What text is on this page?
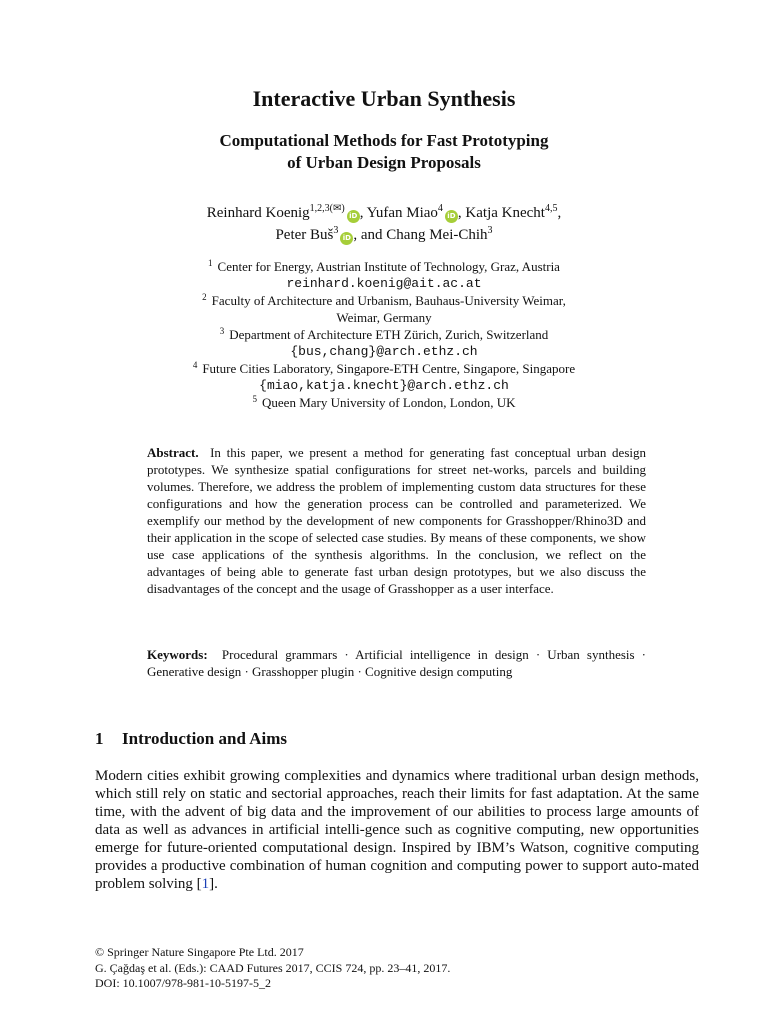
Interactive Urban Synthesis
Computational Methods for Fast Prototyping
of Urban Design Proposals
Reinhard Koenig$^{1,2,3(✉)}$iD , Yufan Miao$^4$iD , Katja Knecht$^{4,5}$,
Peter Buš$^3$iD , and Chang Mei-Chih$^3$
$^1$ Center for Energy, Austrian Institute of Technology, Graz, Austria
reinhard.koenig@ait.ac.at
$^2$ Faculty of Architecture and Urbanism, Bauhaus-University Weimar,
Weimar, Germany
$^3$ Department of Architecture ETH Zürich, Zurich, Switzerland
{bus,chang}@arch.ethz.ch
$^4$ Future Cities Laboratory, Singapore-ETH Centre, Singapore, Singapore
{miao,katja.knecht}@arch.ethz.ch
$^5$ Queen Mary University of London, London, UK
Abstract. In this paper, we present a method for generating fast conceptual urban design prototypes. We synthesize spatial configurations for street net-works, parcels and building volumes. Therefore, we address the problem of implementing custom data structures for these configurations and how the generation process can be controlled and parameterized. We exemplify our method by the development of new components for Grasshopper/Rhino3D and their application in the scope of selected case studies. By means of these components, we show use case applications of the synthesis algorithms. In the conclusion, we reflect on the advantages of being able to generate fast urban design prototypes, but we also discuss the disadvantages of the concept and the usage of Grasshopper as a user interface.
Keywords: Procedural grammars · Artificial intelligence in design · Urban synthesis · Generative design · Grasshopper plugin · Cognitive design computing
1 Introduction and Aims
Modern cities exhibit growing complexities and dynamics where traditional urban design methods, which still rely on static and sectorial approaches, reach their limits for fast adaptation. At the same time, with the advent of big data and the improvement of our abilities to process large amounts of data as well as advances in artificial intelli-gence such as cognitive computing, new opportunities emerge for future-oriented computational design. Inspired by IBM’s Watson, cognitive computing provides a productive combination of human cognition and computing power to support auto-mated problem solving [1].
© Springer Nature Singapore Pte Ltd. 2017
G. Çağdaş et al. (Eds.): CAAD Futures 2017, CCIS 724, pp. 23–41, 2017.
DOI: 10.1007/978-981-10-5197-5_2
